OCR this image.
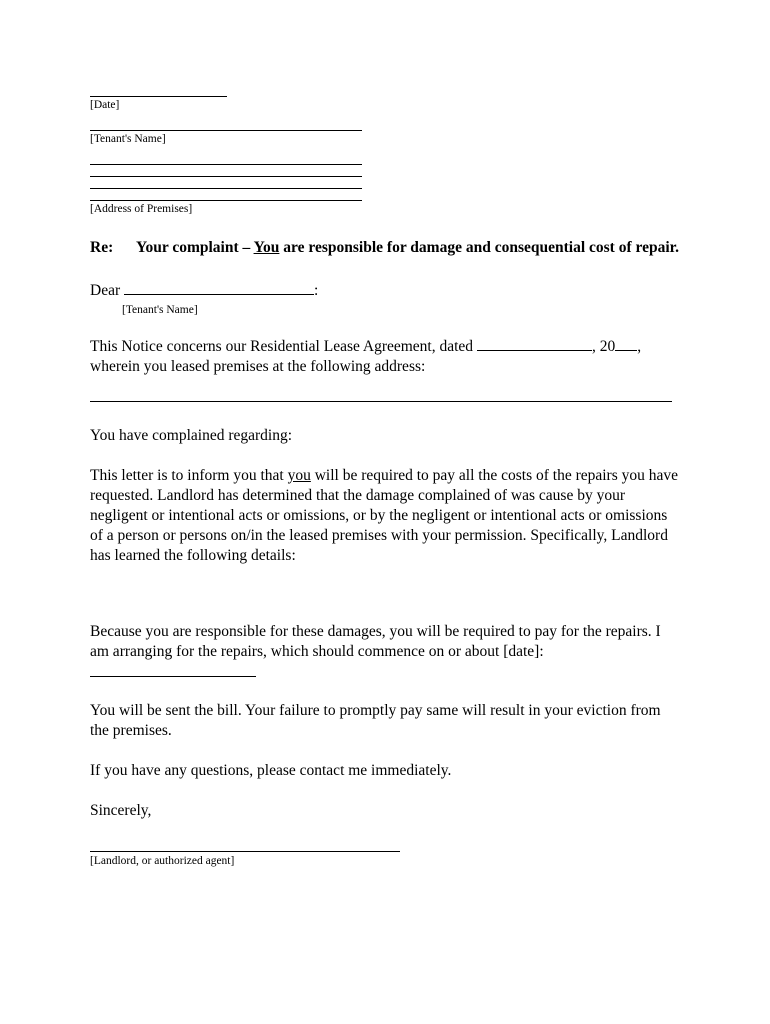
[Date]
[Tenant's Name]
[Address of Premises]
Re: Your complaint – You are responsible for damage and consequential cost of repair.
Dear	:
[Tenant's Name]
This Notice concerns our Residential Lease Agreement, dated	, 20 ,
wherein you leased premises at the following address:
You have complained regarding:
This letter is to inform you that you will be required to pay all the costs of the repairs you have requested. Landlord has determined that the damage complained of was cause by your negligent or intentional acts or omissions, or by the negligent or intentional acts or omissions of a person or persons on/in the leased premises with your permission. Specifically, Landlord has learned the following details:
Because you are responsible for these damages, you will be required to pay for the repairs. I am arranging for the repairs, which should commence on or about [date]:
You will be sent the bill. Your failure to promptly pay same will result in your eviction from the premises.
If you have any questions, please contact me immediately.
Sincerely,
[Landlord, or authorized agent]
